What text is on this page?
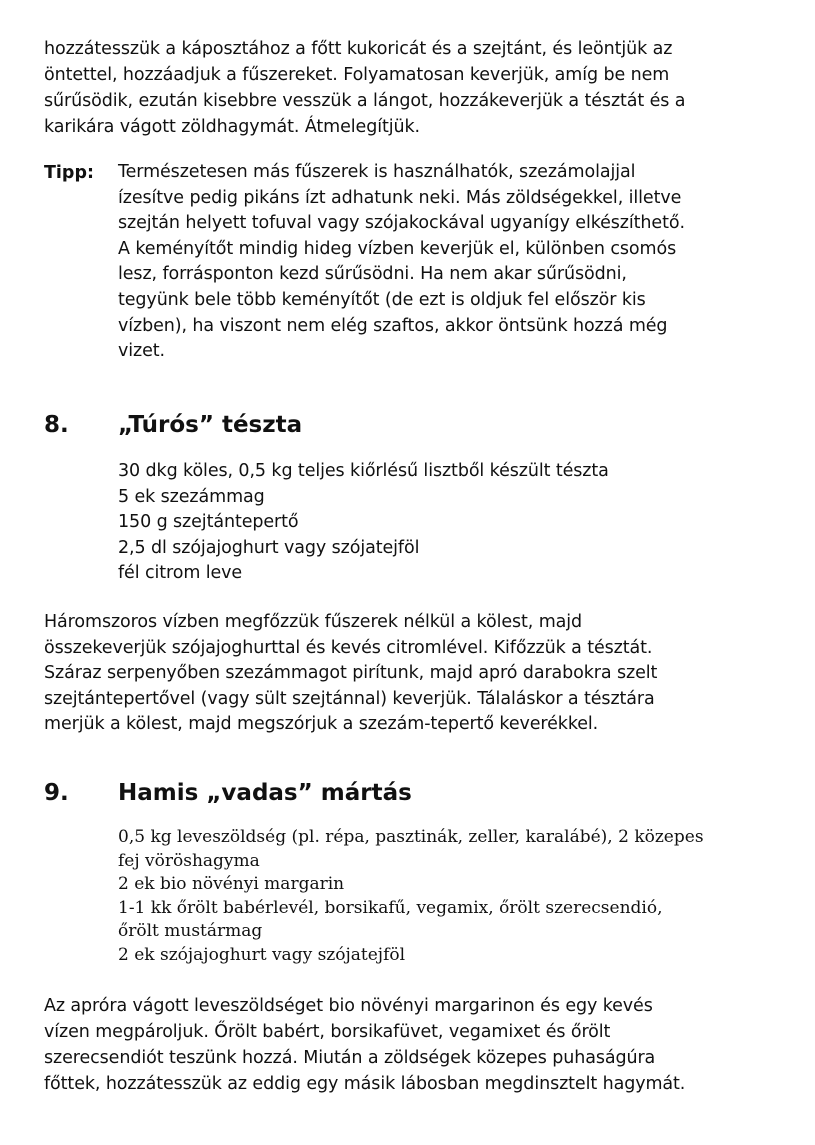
hozzátesszük a káposztához a főtt kukoricát és a szejtánt, és leöntjük az
öntettel, hozzáadjuk a fűszereket. Folyamatosan keverjük, amíg be nem
sűrűsödik, ezután kisebbre vesszük a lángot, hozzákeverjük a tésztát és a
karikára vágott zöldhagymát. Átmelegítjük.
Tipp: Természetesen más fűszerek is használhatók, szezámolajjal
ízesítve pedig pikáns ízt adhatunk neki. Más zöldségekkel, illetve
szejtán helyett tofuval vagy szójakockával ugyanígy elkészíthető.
A keményítőt mindig hideg vízben keverjük el, különben csomós
lesz, forrásponton kezd sűrűsödni. Ha nem akar sűrűsödni,
tegyünk bele több keményítőt (de ezt is oldjuk fel először kis
vízben), ha viszont nem elég szaftos, akkor öntsünk hozzá még
vizet.
8. „Túrós” tészta
30 dkg köles, 0,5 kg teljes kiőrlésű lisztből készült tészta
5 ek szezámmag
150 g szejtántepertő
2,5 dl szójajoghurt vagy szójatejföl
fél citrom leve
Háromszoros vízben megfőzzük fűszerek nélkül a kölest, majd
összekeverjük szójajoghurttal és kevés citromlével. Kifőzzük a tésztát.
Száraz serpenyőben szezámmagot pirítunk, majd apró darabokra szelt
szejtántepertővel (vagy sült szejtánnal) keverjük. Tálaláskor a tésztára
merjük a kölest, majd megszórjuk a szezám-tepertő keverékkel.
9. Hamis „vadas” mártás
0,5 kg leveszöldség (pl. répa, pasztinák, zeller, karalábé), 2 közepes
fej vöröshagyma
2 ek bio növényi margarin
1-1 kk őrölt babérlevél, borsikafű, vegamix, őrölt szerecsendió,
őrölt mustármag
2 ek szójajoghurt vagy szójatejföl
Az apróra vágott leveszöldséget bio növényi margarinon és egy kevés
vízen megpároljuk. Őrölt babért, borsikafüvet, vegamixet és őrölt
szerecsendiót teszünk hozzá. Miután a zöldségek közepes puhaságúra
főttek, hozzátesszük az eddig egy másik lábosban megdinsztelt hagymát.
